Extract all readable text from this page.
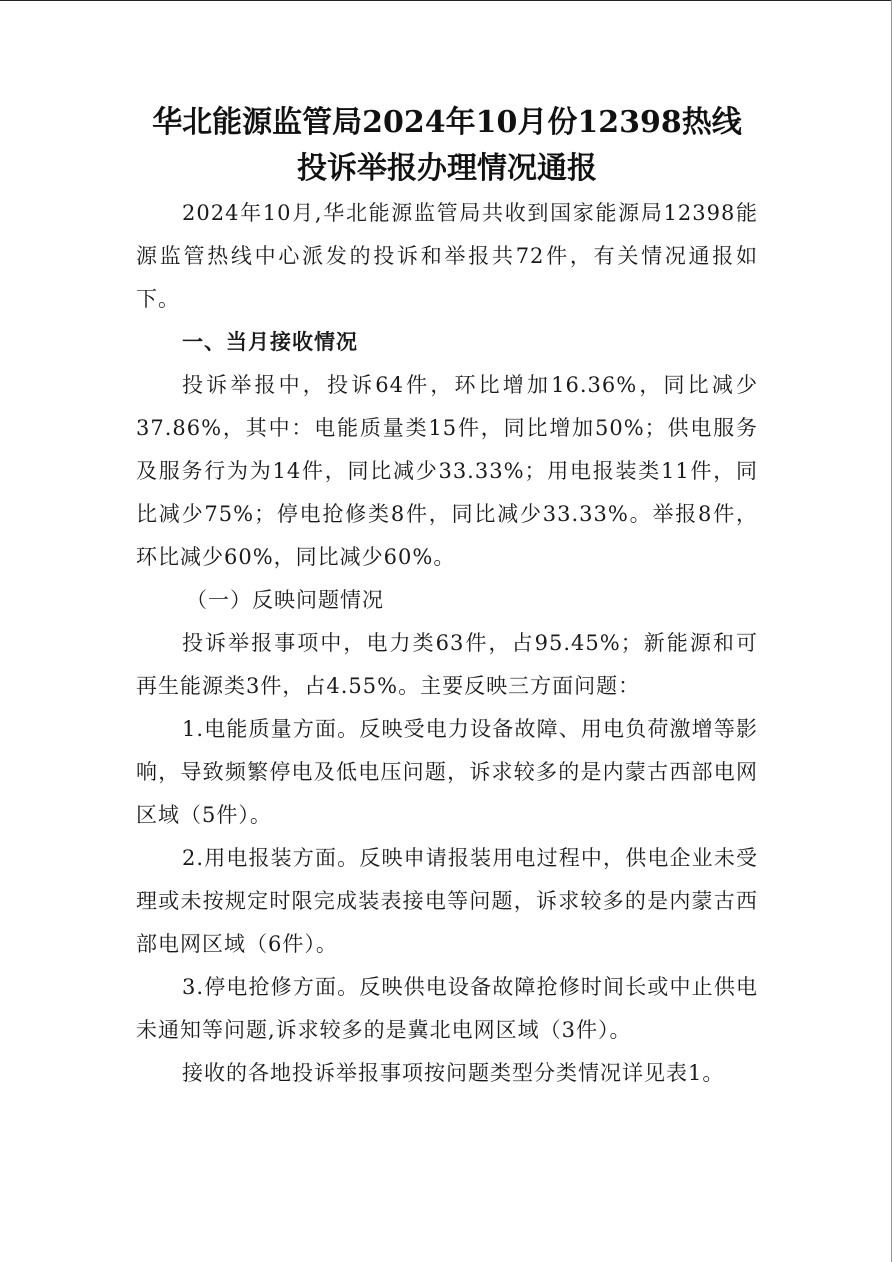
华北能源监管局2024年10月份12398热线
投诉举报办理情况通报

2024年10月,华北能源监管局共收到国家能源局12398能源监管热线中心派发的投诉和举报共72件，有关情况通报如下。

一、当月接收情况

投诉举报中，投诉64件，环比增加16.36%，同比减少37.86%，其中：电能质量类15件，同比增加50%；供电服务及服务行为为14件，同比减少33.33%；用电报装类11件，同比减少75%；停电抢修类8件，同比减少33.33%。举报8件，环比减少60%，同比减少60%。

（一）反映问题情况

投诉举报事项中，电力类63件，占95.45%；新能源和可再生能源类3件，占4.55%。主要反映三方面问题：

1.电能质量方面。反映受电力设备故障、用电负荷激增等影响，导致频繁停电及低电压问题，诉求较多的是内蒙古西部电网区域（5件）。

2.用电报装方面。反映申请报装用电过程中，供电企业未受理或未按规定时限完成装表接电等问题，诉求较多的是内蒙古西部电网区域（6件）。

3.停电抢修方面。反映供电设备故障抢修时间长或中止供电未通知等问题,诉求较多的是冀北电网区域（3件）。

接收的各地投诉举报事项按问题类型分类情况详见表1。
